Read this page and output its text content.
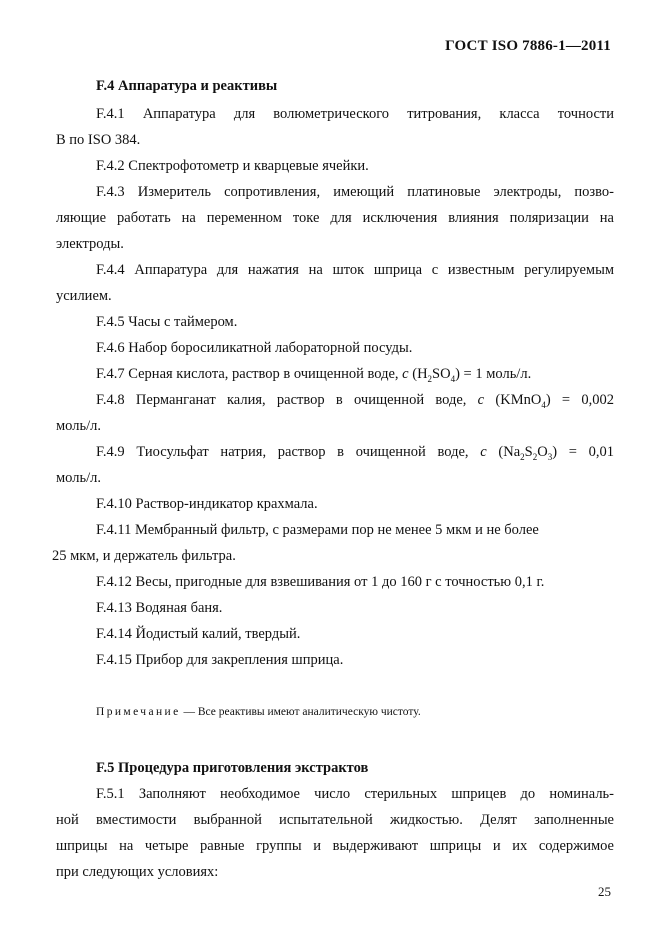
ГОСТ ISO 7886-1—2011
F.4 Аппаратура и реактивы
F.4.1 Аппаратура для волюметрического титрования, класса точности
В по ISO 384.
F.4.2 Спектрофотометр и кварцевые ячейки.
F.4.3 Измеритель сопротивления, имеющий платиновые электроды, позво-
ляющие работать на переменном токе для исключения влияния поляризации на
электроды.
F.4.4 Аппаратура для нажатия на шток шприца с известным регулируемым
усилием.
F.4.5 Часы с таймером.
F.4.6 Набор боросиликатной лабораторной посуды.
F.4.7 Серная кислота, раствор в очищенной воде, c $(H_2SO_4) = 1$ моль/л.
F.4.8 Перманганат калия, раствор в очищенной воде, c (KMnO$_4$) = 0,002
моль/л.
F.4.9 Тиосульфат натрия, раствор в очищенной воде, c $(Na_2S_2O_3) = 0,01$
моль/л.
F.4.10 Раствор-индикатор крахмала.
F.4.11 Мембранный фильтр, с размерами пор не менее 5 мкм и не более
25 мкм, и держатель фильтра.
F.4.12 Весы, пригодные для взвешивания от 1 до 160 г с точностью 0,1 г.
F.4.13 Водяная баня.
F.4.14 Йодистый калий, твердый.
F.4.15 Прибор для закрепления шприца.
Примечание — Все реактивы имеют аналитическую чистоту.
F.5 Процедура приготовления экстрактов
F.5.1 Заполняют необходимое число стерильных шприцев до номиналь-
ной вместимости выбранной испытательной жидкостью. Делят заполненные
шприцы на четыре равные группы и выдерживают шприцы и их содержимое
при следующих условиях:
25
